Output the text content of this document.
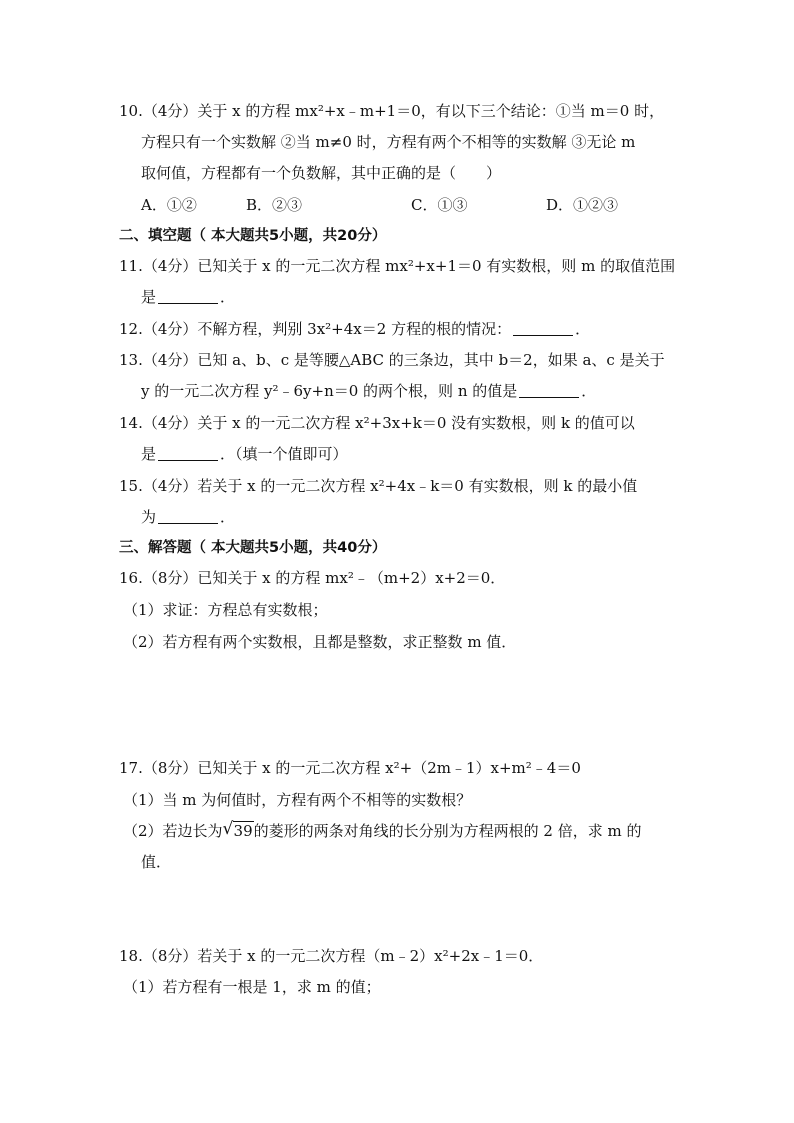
10.（4分）关于 x 的方程 mx²+x﹣m+1＝0，有以下三个结论：①当 m＝0 时，
方程只有一个实数解 ②当 m≠0 时，方程有两个不相等的实数解 ③无论 m
取何值，方程都有一个负数解，其中正确的是（　　）
A．①②	B．②③	C．①③	D．①②③
二、填空题（ 本大题共5小题，共20分）
11.（4分）已知关于 x 的一元二次方程 mx²+x+1＝0 有实数根，则 m 的取值范围
是	．
12.（4分）不解方程，判别 3x²+4x＝2 方程的根的情况：	．
13.（4分）已知 a、b、c 是等腰△ABC 的三条边，其中 b＝2，如果 a、c 是关于
y 的一元二次方程 y²﹣6y+n＝0 的两个根，则 n 的值是	．
14.（4分）关于 x 的一元二次方程 x²+3x+k＝0 没有实数根，则 k 的值可以
是	．（填一个值即可）
15.（4分）若关于 x 的一元二次方程 x²+4x﹣k＝0 有实数根，则 k 的最小值
为	．
三、解答题（ 本大题共5小题，共40分）
16.（8分）已知关于 x 的方程 mx²﹣（m+2）x+2＝0．
（1）求证：方程总有实数根；
（2）若方程有两个实数根，且都是整数，求正整数 m 值．
17.（8分）已知关于 x 的一元二次方程 x²+（2m﹣1）x+m²﹣4＝0
（1）当 m 为何值时，方程有两个不相等的实数根？
（2）若边长为 √ 39的菱形的两条对角线的长分别为方程两根的 2 倍，求 m 的
值．
18.（8分）若关于 x 的一元二次方程（m﹣2）x²+2x﹣1＝0．
（1）若方程有一根是 1，求 m 的值；
